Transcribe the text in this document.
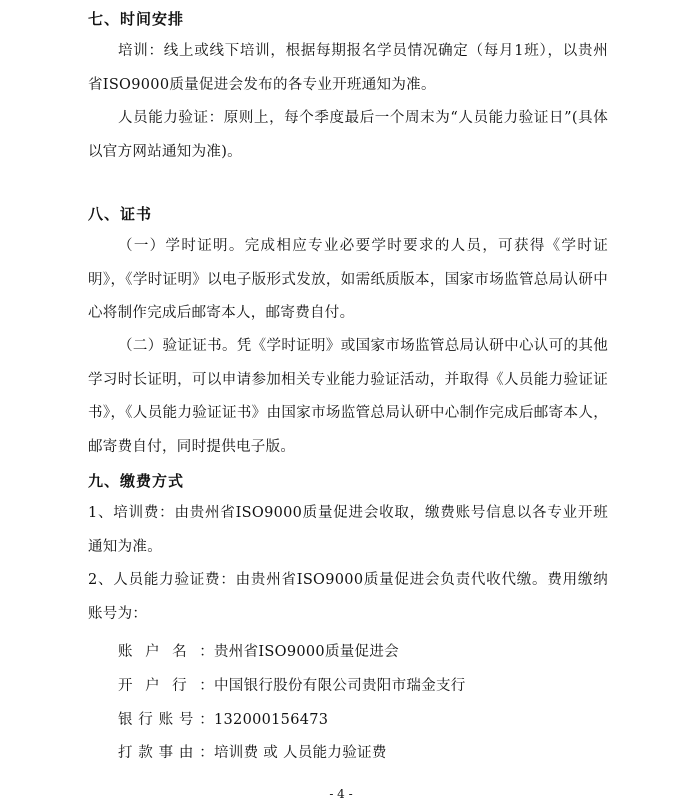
七、时间安排

培训：线上或线下培训，根据每期报名学员情况确定（每月1班），以贵州省ISO9000质量促进会发布的各专业开班通知为准。

人员能力验证：原则上，每个季度最后一个周末为“人员能力验证日”(具体以官方网站通知为准)。

八、证书

（一）学时证明。完成相应专业必要学时要求的人员，可获得《学时证明》，《学时证明》以电子版形式发放，如需纸质版本，国家市场监管总局认研中心将制作完成后邮寄本人，邮寄费自付。

（二）验证证书。凭《学时证明》或国家市场监管总局认研中心认可的其他学习时长证明，可以申请参加相关专业能力验证活动，并取得《人员能力验证证书》，《人员能力验证证书》由国家市场监管总局认研中心制作完成后邮寄本人，邮寄费自付，同时提供电子版。

九、缴费方式

1、培训费：由贵州省ISO9000质量促进会收取，缴费账号信息以各专业开班通知为准。

2、人员能力验证费：由贵州省ISO9000质量促进会负责代收代缴。费用缴纳账号为：

账户名：贵州省ISO9000质量促进会
开户行：中国银行股份有限公司贵阳市瑞金支行
银行账号：132000156473
打款事由：培训费 或 人员能力验证费
- 4 -
